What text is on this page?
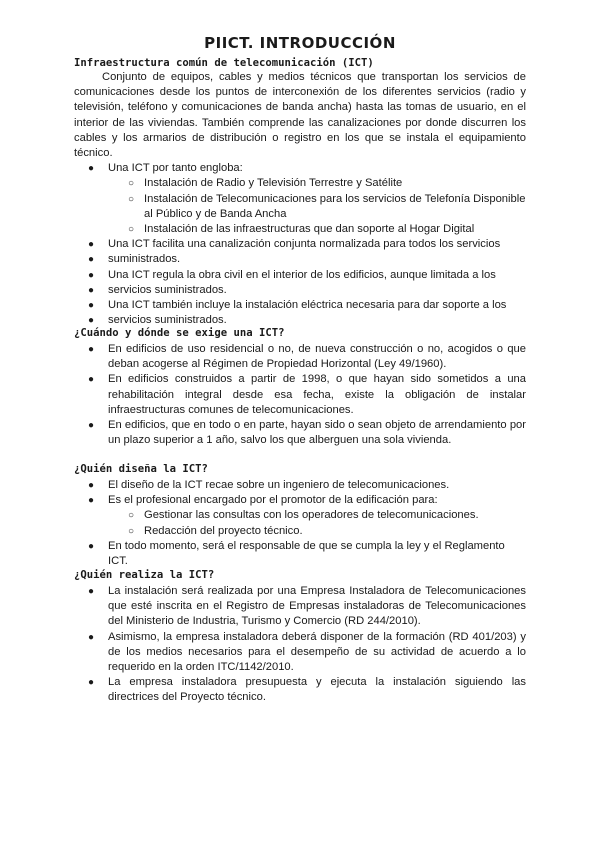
PIICT. INTRODUCCIÓN
Infraestructura común de telecomunicación (ICT)

Conjunto de equipos, cables y medios técnicos que transportan los servicios de comunicaciones desde los puntos de interconexión de los diferentes servicios (radio y televisión, teléfono y comunicaciones de banda ancha) hasta las tomas de usuario, en el interior de las viviendas. También comprende las canalizaciones por donde discurren los cables y los armarios de distribución o registro en los que se instala el equipamiento técnico.

● Una ICT por tanto engloba:
○ Instalación de Radio y Televisión Terrestre y Satélite
○ Instalación de Telecomunicaciones para los servicios de Telefonía Disponible al Público y de Banda Ancha
○ Instalación de las infraestructuras que dan soporte al Hogar Digital
● Una ICT facilita una canalización conjunta normalizada para todos los servicios
● suministrados.
● Una ICT regula la obra civil en el interior de los edificios, aunque limitada a los
● servicios suministrados.
● Una ICT también incluye la instalación eléctrica necesaria para dar soporte a los
● servicios suministrados.
¿Cuándo y dónde se exige una ICT?
● En edificios de uso residencial o no, de nueva construcción o no, acogidos o que deban acogerse al Régimen de Propiedad Horizontal (Ley 49/1960).
● En edificios construidos a partir de 1998, o que hayan sido sometidos a una rehabilitación integral desde esa fecha, existe la obligación de instalar infraestructuras comunes de telecomunicaciones.
● En edificios, que en todo o en parte, hayan sido o sean objeto de arrendamiento por un plazo superior a 1 año, salvo los que alberguen una sola vivienda.
¿Quién diseña la ICT?
● El diseño de la ICT recae sobre un ingeniero de telecomunicaciones.
● Es el profesional encargado por el promotor de la edificación para:
○ Gestionar las consultas con los operadores de telecomunicaciones.
○ Redacción del proyecto técnico.
● En todo momento, será el responsable de que se cumpla la ley y el Reglamento ICT.
¿Quién realiza la ICT?
● La instalación será realizada por una Empresa Instaladora de Telecomunicaciones que esté inscrita en el Registro de Empresas instaladoras de Telecomunicaciones del Ministerio de Industria, Turismo y Comercio (RD 244/2010).
● Asimismo, la empresa instaladora deberá disponer de la formación (RD 401/203) y de los medios necesarios para el desempeño de su actividad de acuerdo a lo requerido en la orden ITC/1142/2010.
● La empresa instaladora presupuesta y ejecuta la instalación siguiendo las directrices del Proyecto técnico.
